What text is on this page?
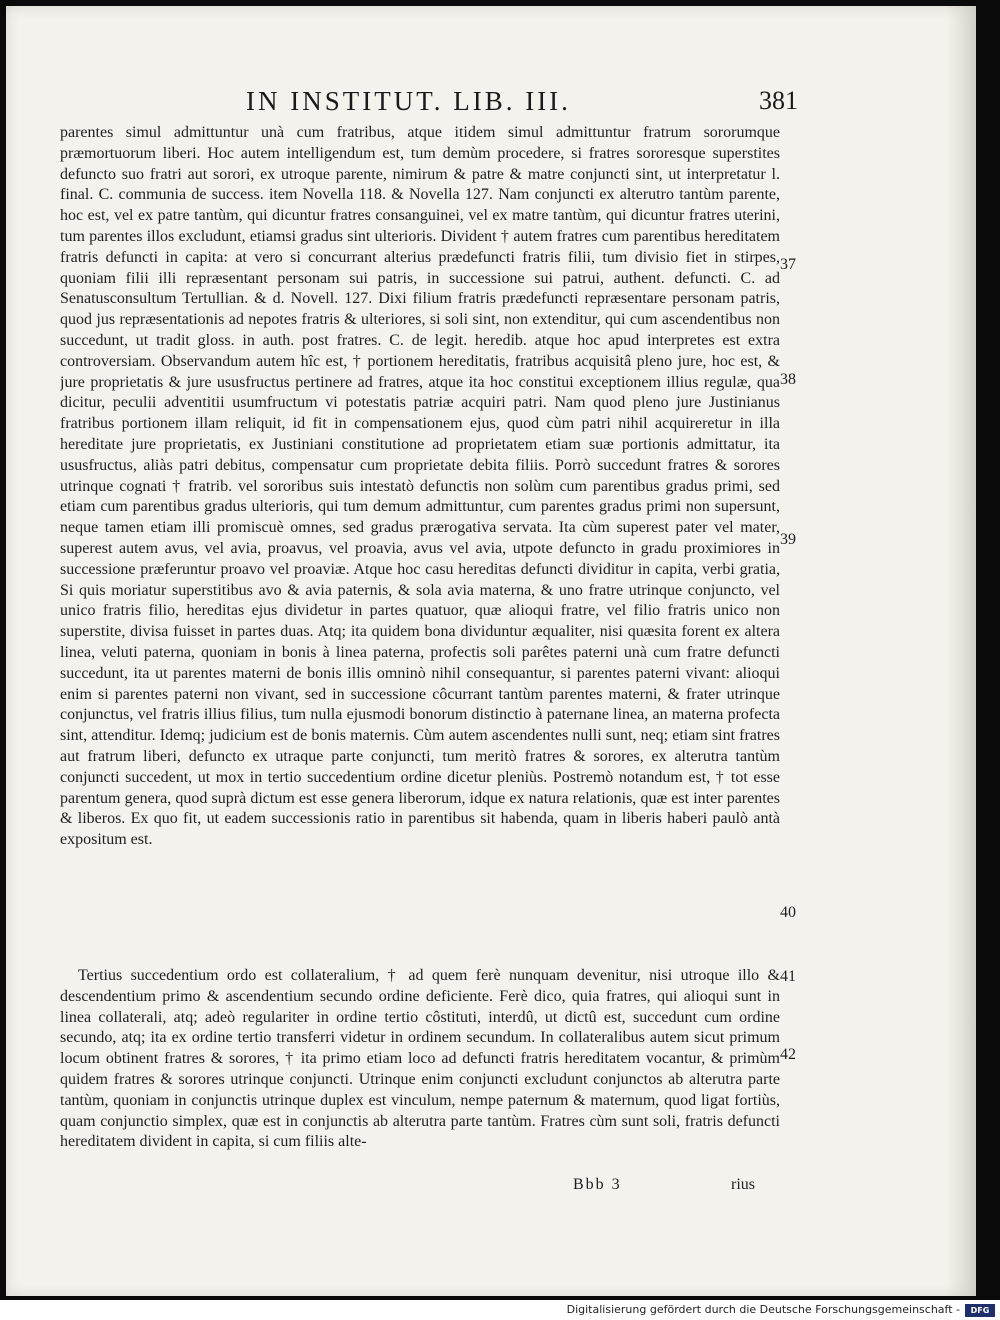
IN INSTITUT. LIB. III.	381

parentes simul admittuntur unà cum fratribus, atque itidem simul admittuntur fratrum sororumque præmortuorum liberi. Hoc autem intelligendum est, tum demùm procedere, si fratres sororesque superstites defuncto suo fratri aut sorori, ex utroque parente, nimirum & patre & matre conjuncti sint, ut interpretatur l. final. C. communia de success. item Novella 118. & Novella 127. Nam conjuncti ex alterutro tantùm parente, hoc est, vel ex patre tantùm, qui dicuntur fratres consanguinei, vel ex matre tantùm, qui dicuntur fratres uterini, tum parentes illos excludunt, etiamsi gradus sint ulterioris. Divident † autem fratres cum parentibus hereditatem fratris defuncti in capita: at vero si concurrant alterius prædefuncti fratris filii, tum divisio fiet in stirpes, quoniam filii illi repræsentant personam sui patris, in successione sui patrui, authent. defuncti. C. ad Senatusconsultum Tertullian. & d. Novell. 127. Dixi filium fratris prædefuncti repræsentare personam patris, quod jus repræsentationis ad nepotes fratris & ulteriores, si soli sint, non extenditur, qui cum ascendentibus non succedunt, ut tradit gloss. in auth. post fratres. C. de legit. heredib. atque hoc apud interpretes est extra controversiam. Observandum autem hîc est, † portionem hereditatis, fratribus acquisitâ pleno jure, hoc est, & jure proprietatis & jure ususfructus pertinere ad fratres, atque ita hoc constitui exceptionem illius regulæ, qua dicitur, peculii adventitii usumfructum vi potestatis patriæ acquiri patri. Nam quod pleno jure Justinianus fratribus portionem illam reliquit, id fit in compensationem ejus, quod cùm patri nihil acquireretur in illa hereditate jure proprietatis, ex Justiniani constitutione ad proprietatem etiam suæ portionis admittatur, ita ususfructus, aliàs patri debitus, compensatur cum proprietate debita filiis. Porrò succedunt fratres & sorores utrinque cognati † fratrib. vel sororibus suis intestatò defunctis non solùm cum parentibus gradus primi, sed etiam cum parentibus gradus ulterioris, qui tum demum admittuntur, cum parentes gradus primi non supersunt, neque tamen etiam illi promiscuè omnes, sed gradus prærogativa servata. Ita cùm superest pater vel mater, superest autem avus, vel avia, proavus, vel proavia, avus vel avia, utpote defuncto in gradu proximiores in successione præferuntur proavo vel proaviæ. Atque hoc casu hereditas defuncti dividitur in capita, verbi gratia, Si quis moriatur superstitibus avo & avia paternis, & sola avia materna, & uno fratre utrinque conjuncto, vel unico fratris filio, hereditas ejus dividetur in partes quatuor, quæ alioqui fratre, vel filio fratris unico non superstite, divisa fuisset in partes duas. Atq; ita quidem bona dividuntur æqualiter, nisi quæsita forent ex altera linea, veluti paterna, quoniam in bonis à linea paterna, profectis soli parêtes paterni unà cum fratre defuncti succedunt, ita ut parentes materni de bonis illis omninò nihil consequantur, si parentes paterni vivant: alioqui enim si parentes paterni non vivant, sed in successione côcurrant tantùm parentes materni, & frater utrinque conjunctus, vel fratris illius filius, tum nulla ejusmodi bonorum distinctio à paternane linea, an materna profecta sint, attenditur. Idemq; judicium est de bonis maternis. Cùm autem ascendentes nulli sunt, neq; etiam sint fratres aut fratrum liberi, defuncto ex utraque parte conjuncti, tum meritò fratres & sorores, ex alterutra tantùm conjuncti succedent, ut mox in tertio succedentium ordine dicetur pleniùs. Postremò notandum est, † tot esse parentum genera, quod suprà dictum est esse genera liberorum, idque ex natura relationis, quæ est inter parentes & liberos. Ex quo fit, ut eadem successionis ratio in parentibus sit habenda, quam in liberis haberi paulò antà expositum est.

Tertius succedentium ordo est collateralium, † ad quem ferè nunquam devenitur, nisi utroque illo & descendentium primo & ascendentium secundo ordine deficiente. Ferè dico, quia fratres, qui alioqui sunt in linea collaterali, atq; adeò regulariter in ordine tertio côstituti, interdû, ut dictû est, succedunt cum ordine secundo, atq; ita ex ordine tertio transferri videtur in ordinem secundum. In collateralibus autem sicut primum locum obtinent fratres & sorores, † ita primo etiam loco ad defuncti fratris hereditatem vocantur, & primùm quidem fratres & sorores utrinque conjuncti. Utrinque enim conjuncti excludunt conjunctos ab alterutra parte tantùm, quoniam in conjunctis utrinque duplex est vinculum, nempe paternum & maternum, quod ligat fortiùs, quam conjunctio simplex, quæ est in conjunctis ab alterutra parte tantùm. Fratres cùm sunt soli, fratris defuncti hereditatem divident in capita, si cum filiis alte-

37
38
39
40
41
42
Bbb 3	rius
Digitalisierung gefördert durch die Deutsche Forschungsgemeinschaft -	DFG
